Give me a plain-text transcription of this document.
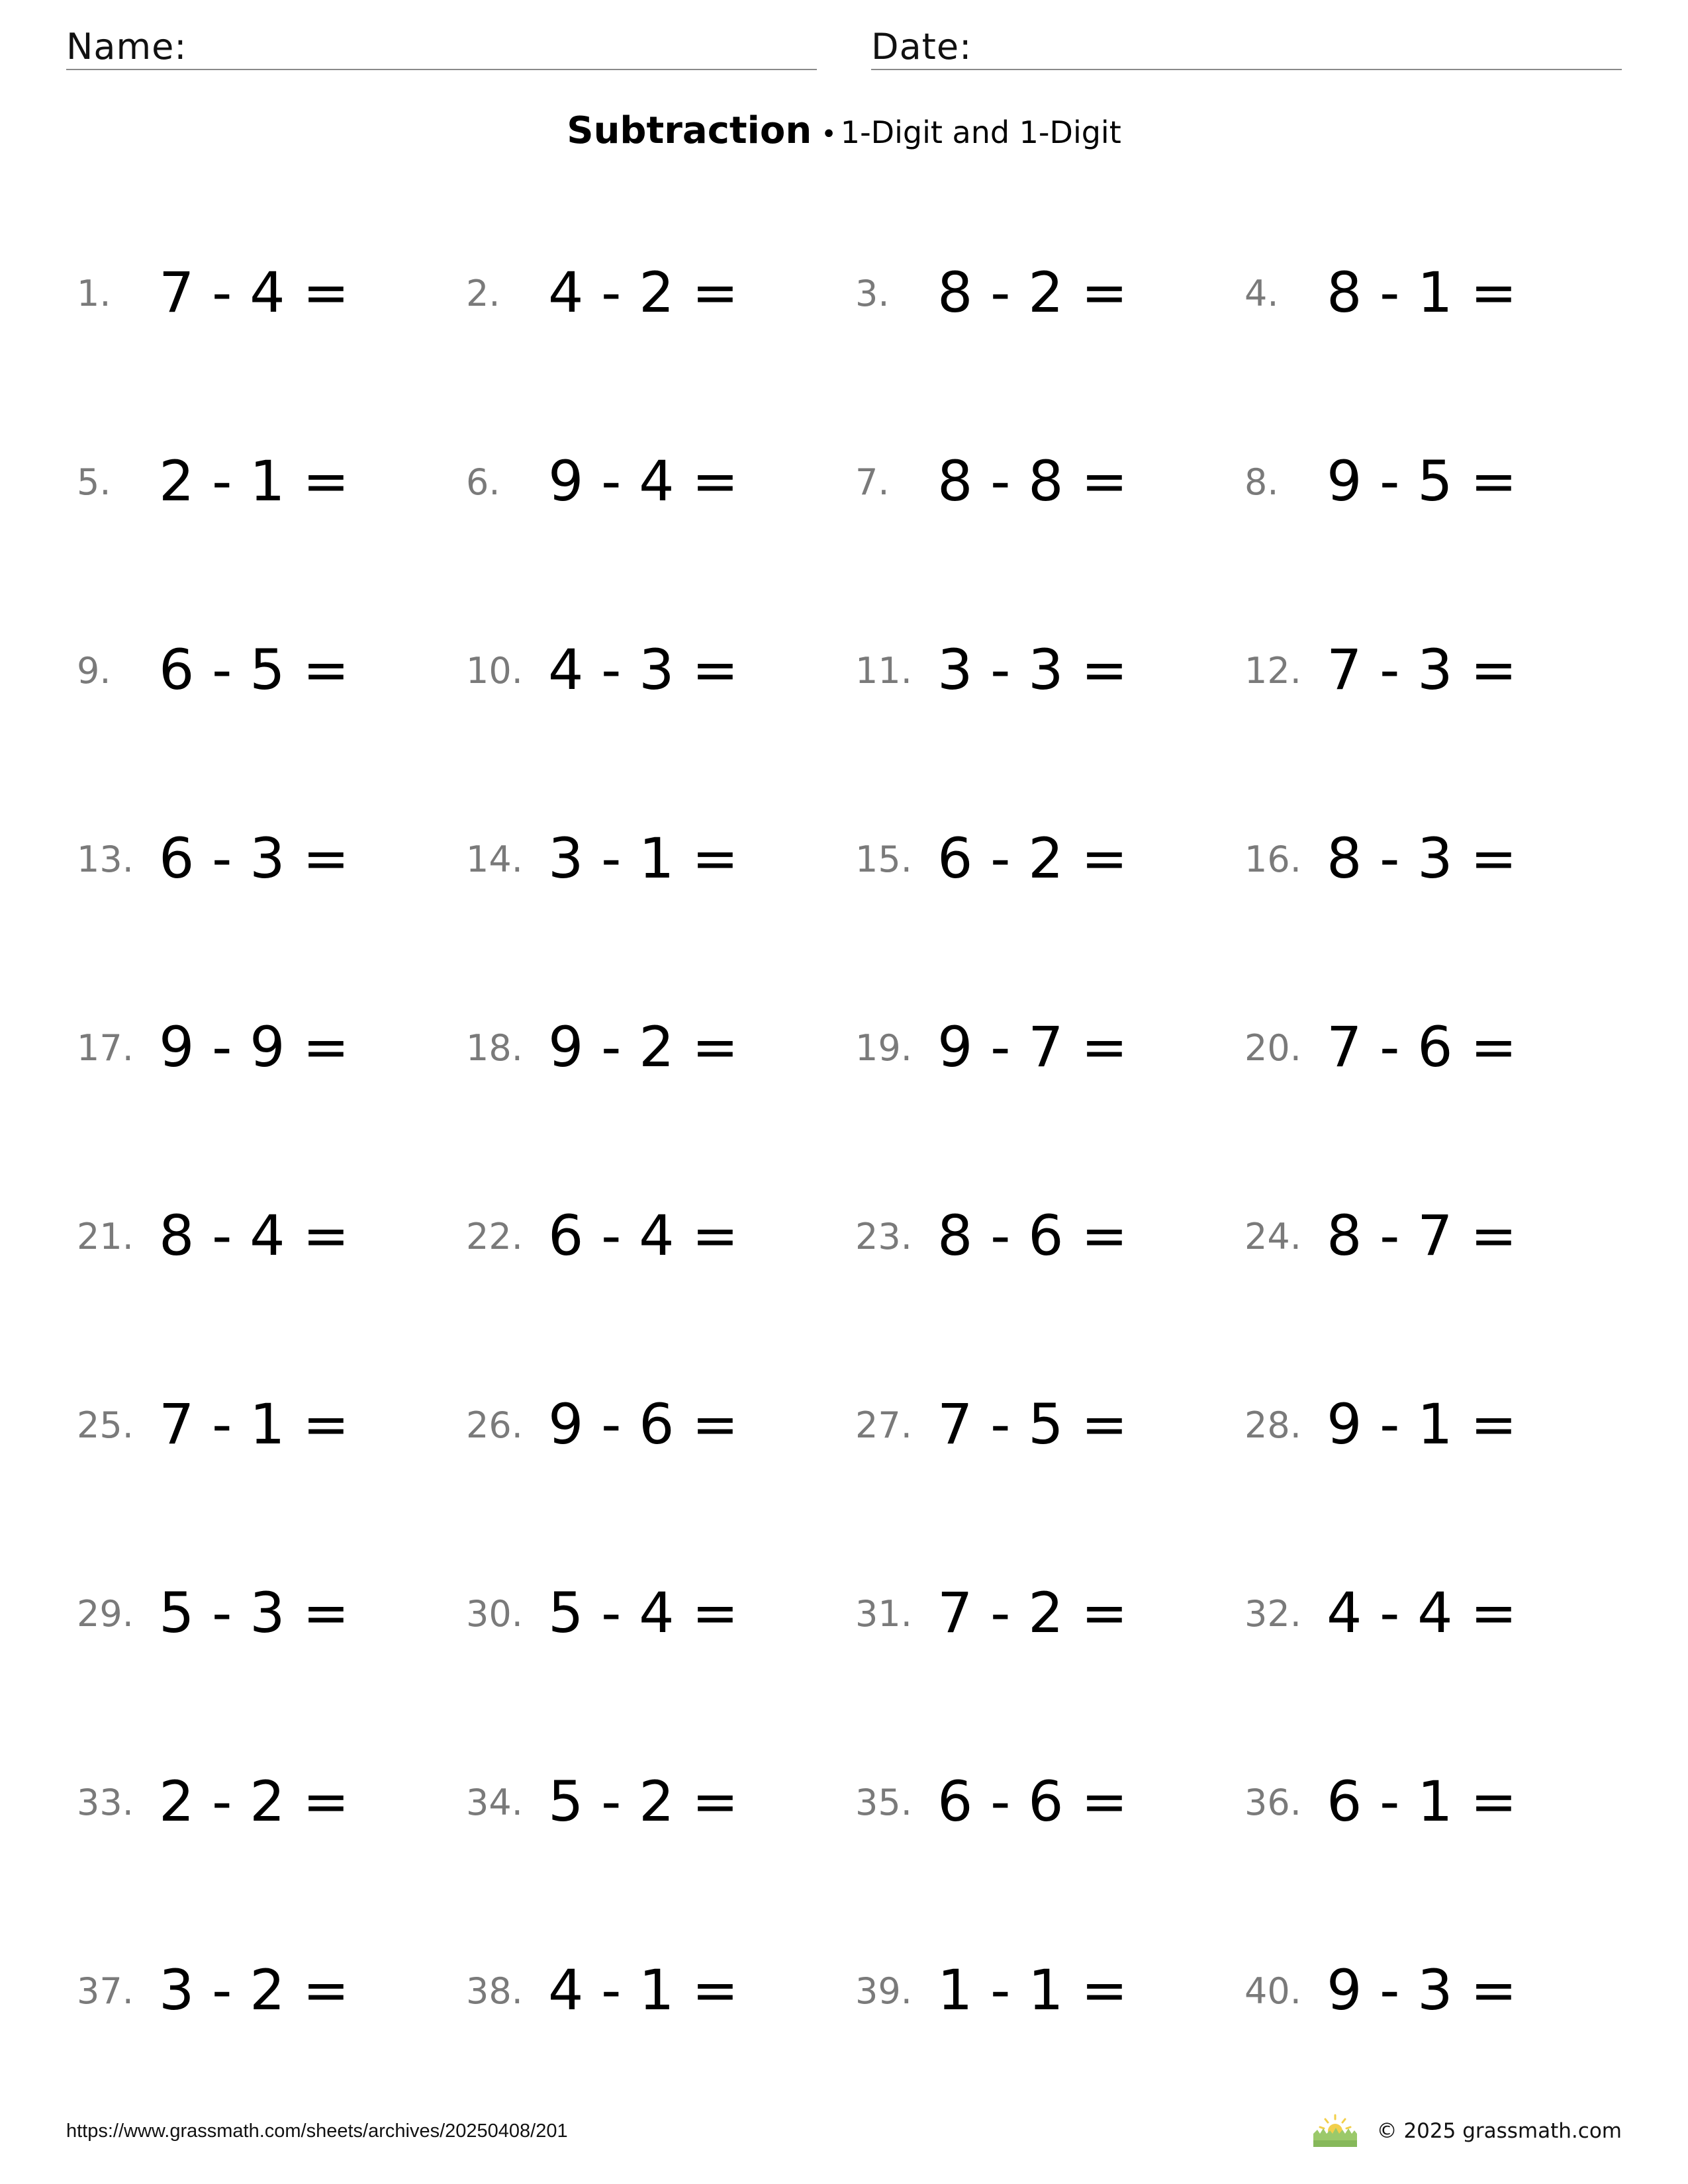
Name:	Date:
Subtraction • 1-Digit and 1-Digit
1. 7 - 4 =	2. 4 - 2 =	3. 8 - 2 =	4. 8 - 1 =
5. 2 - 1 =	6. 9 - 4 =	7. 8 - 8 =	8. 9 - 5 =
9. 6 - 5 =	10. 4 - 3 =	11. 3 - 3 =	12. 7 - 3 =
13. 6 - 3 =	14. 3 - 1 =	15. 6 - 2 =	16. 8 - 3 =
17. 9 - 9 =	18. 9 - 2 =	19. 9 - 7 =	20. 7 - 6 =
21. 8 - 4 =	22. 6 - 4 =	23. 8 - 6 =	24. 8 - 7 =
25. 7 - 1 =	26. 9 - 6 =	27. 7 - 5 =	28. 9 - 1 =
29. 5 - 3 =	30. 5 - 4 =	31. 7 - 2 =	32. 4 - 4 =
33. 2 - 2 =	34. 5 - 2 =	35. 6 - 6 =	36. 6 - 1 =
37. 3 - 2 =	38. 4 - 1 =	39. 1 - 1 =	40. 9 - 3 =
https://www.grassmath.com/sheets/archives/20250408/201	© 2025 grassmath.com
